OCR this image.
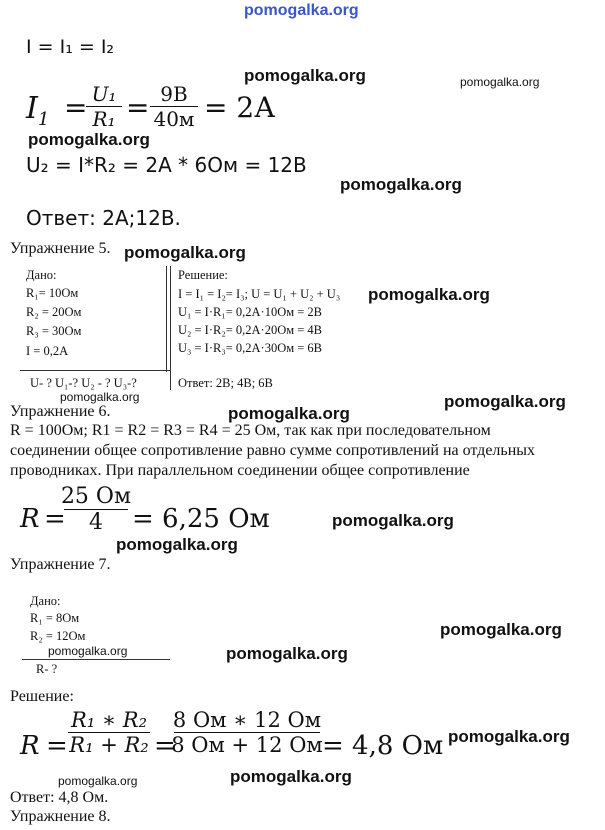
pomogalka.org
I = I₁ = I₂
$I_1 = U_1$
R₁ = 9В
40м = 2А
U₂ = I*R₂ = 2А * 6Ом = 12В
Ответ: 2А;12В.
pomogalka.org	pomogalka.org
pomogalka.org
pomogalka.org
Упражнение 5. pomogalka.org
Дано:
R₁= 10Ом
R₂ = 20Ом
R₃ = 30Ом
I = 0,2А
U- ? U₁-? U₂ - ? U₃-?
Решение:
I = I₁ = I₂= I₃; U = U₁ + U₂ + U₃
U₁ = I·R₁= 0,2А·10Ом = 2В
U₂ = I·R₂= 0,2А·20Ом = 4В
U₃ = I·R₃= 0,2А·30Ом = 6В
Ответ: 2В; 4В; 6В
pomogalka.org
pomogalka.org
Упражнение 6.	pomogalka.org
pomogalka.org
R = 100Ом; R1 = R2 = R3 = R4 = 25 Ом, так как при последовательном
соединении общее сопротивление равно сумме сопротивлений на отдельных
проводниках. При параллельном соединении общее сопротивление
R =
25 Ом
4 = 6,25 Ом	pomogalka.org
pomogalka.org
Упражнение 7.
Дано:
R₁ = 8Ом
R₂ = 12Ом
R- ?
pomogalka.org	pomogalka.org
pomogalka.org
Решение:
R =
R₁ ∗ R₂
R₁ + R₂ =
8 Ом ∗ 12 Ом
8 Ом + 12 Ом = 4,8 Ом pomogalka.org
pomogalka.org
pomogalka.org
Ответ: 4,8 Ом.
Упражнение 8.
